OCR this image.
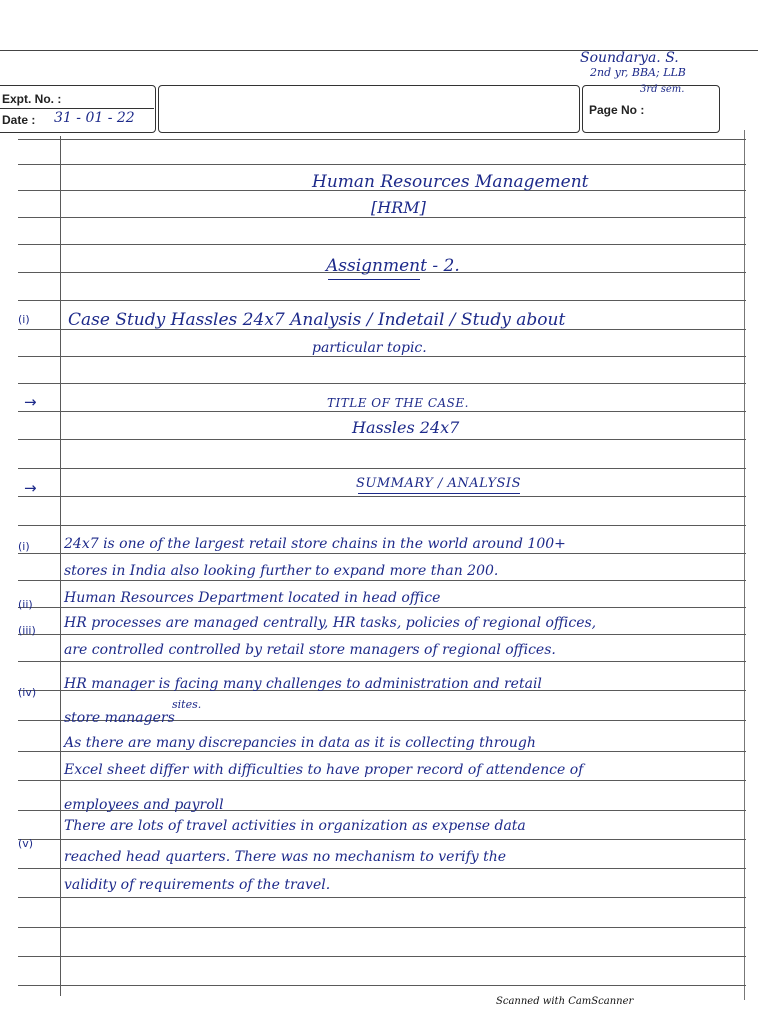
Expt. No. :
Date : 31 - 01 - 22	Page No :
Soundarya. S.
2nd yr, BBA; LLB
3rd sem.
Human Resources Management
[HRM]
Assignment - 2.
(i) Case Study Hassles 24x7 Analysis / Indetail / Study about
particular topic.
→	TITLE OF THE CASE.
Hassles 24x7
→	SUMMARY / ANALYSIS
(i) 24x7 is one of the largest retail store chains in the world around 100+
stores in India also looking further to expand more than 200.
(ii) Human Resources Department located in head office
(iii) HR processes are managed centrally, HR tasks, policies of regional offices,
are controlled controlled by retail store managers of regional offices.
(iv)
HR manager is facing many challenges to administration and retail
sites.
store managers
As there are many discrepancies in data as it is collecting through
Excel sheet differ with difficulties to have proper record of attendence of
employees and payroll
(v)
There are lots of travel activities in organization as expense data
reached head quarters. There was no mechanism to verify the
validity of requirements of the travel.
Scanned with CamScanner
